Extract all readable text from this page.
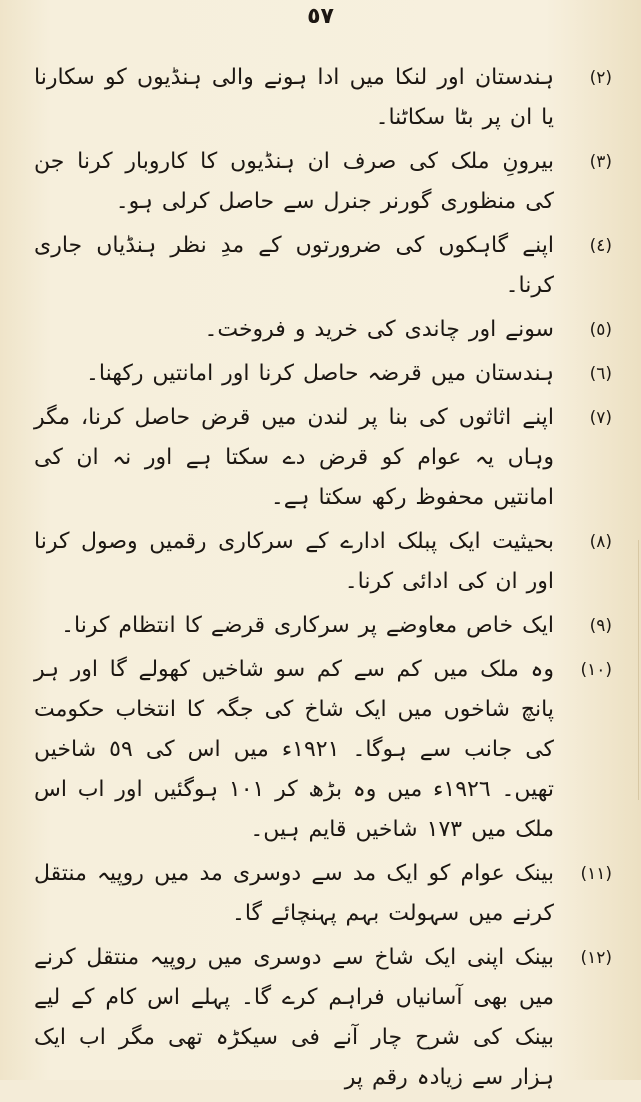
٥٧
(٢)
ہندستان اور لنکا میں ادا ہونے والی ہنڈیوں کو سکارنا یا ان پر بٹا سکاٹنا۔
(٣)
بیرونِ ملک کی صرف ان ہنڈیوں کا کاروبار کرنا جن کی منظوری گورنر جنرل سے حاصل کرلی ہو۔
(٤)
اپنے گاہکوں کی ضرورتوں کے مدِ نظر ہنڈیاں جاری کرنا۔
(٥)
سونے اور چاندی کی خرید و فروخت۔
(٦)
ہندستان میں قرضہ حاصل کرنا اور امانتیں رکھنا۔
(٧)
اپنے اثاثوں کی بنا پر لندن میں قرض حاصل کرنا، مگر وہاں یہ عوام کو قرض دے سکتا ہے اور نہ ان کی امانتیں محفوظ رکھ سکتا ہے۔
(٨)
بحیثیت ایک پبلک ادارے کے سرکاری رقمیں وصول کرنا اور ان کی ادائی کرنا۔
(٩)
ایک خاص معاوضے پر سرکاری قرضے کا انتظام کرنا۔
(١٠)
وہ ملک میں کم سے کم سو شاخیں کھولے گا اور ہر پانچ شاخوں میں ایک شاخ کی جگہ کا انتخاب حکومت کی جانب سے ہوگا۔ ١٩٢١ء میں اس کی ٥٩ شاخیں تھیں۔ ١٩٢٦ء میں وہ بڑھ کر ١٠١ ہوگئیں اور اب اس ملک میں ١٧٣ شاخیں قایم ہیں۔
(١١)
بینک عوام کو ایک مد سے دوسری مد میں روپیہ منتقل کرنے میں سہولت بہم پہنچائے گا۔
(١٢)
بینک اپنی ایک شاخ سے دوسری میں روپیہ منتقل کرنے میں بھی آسانیاں فراہم کرے گا۔ پہلے اس کام کے لیے بینک کی شرح چار آنے فی سیکڑہ تھی مگر اب ایک ہزار سے زیادہ رقم پر
